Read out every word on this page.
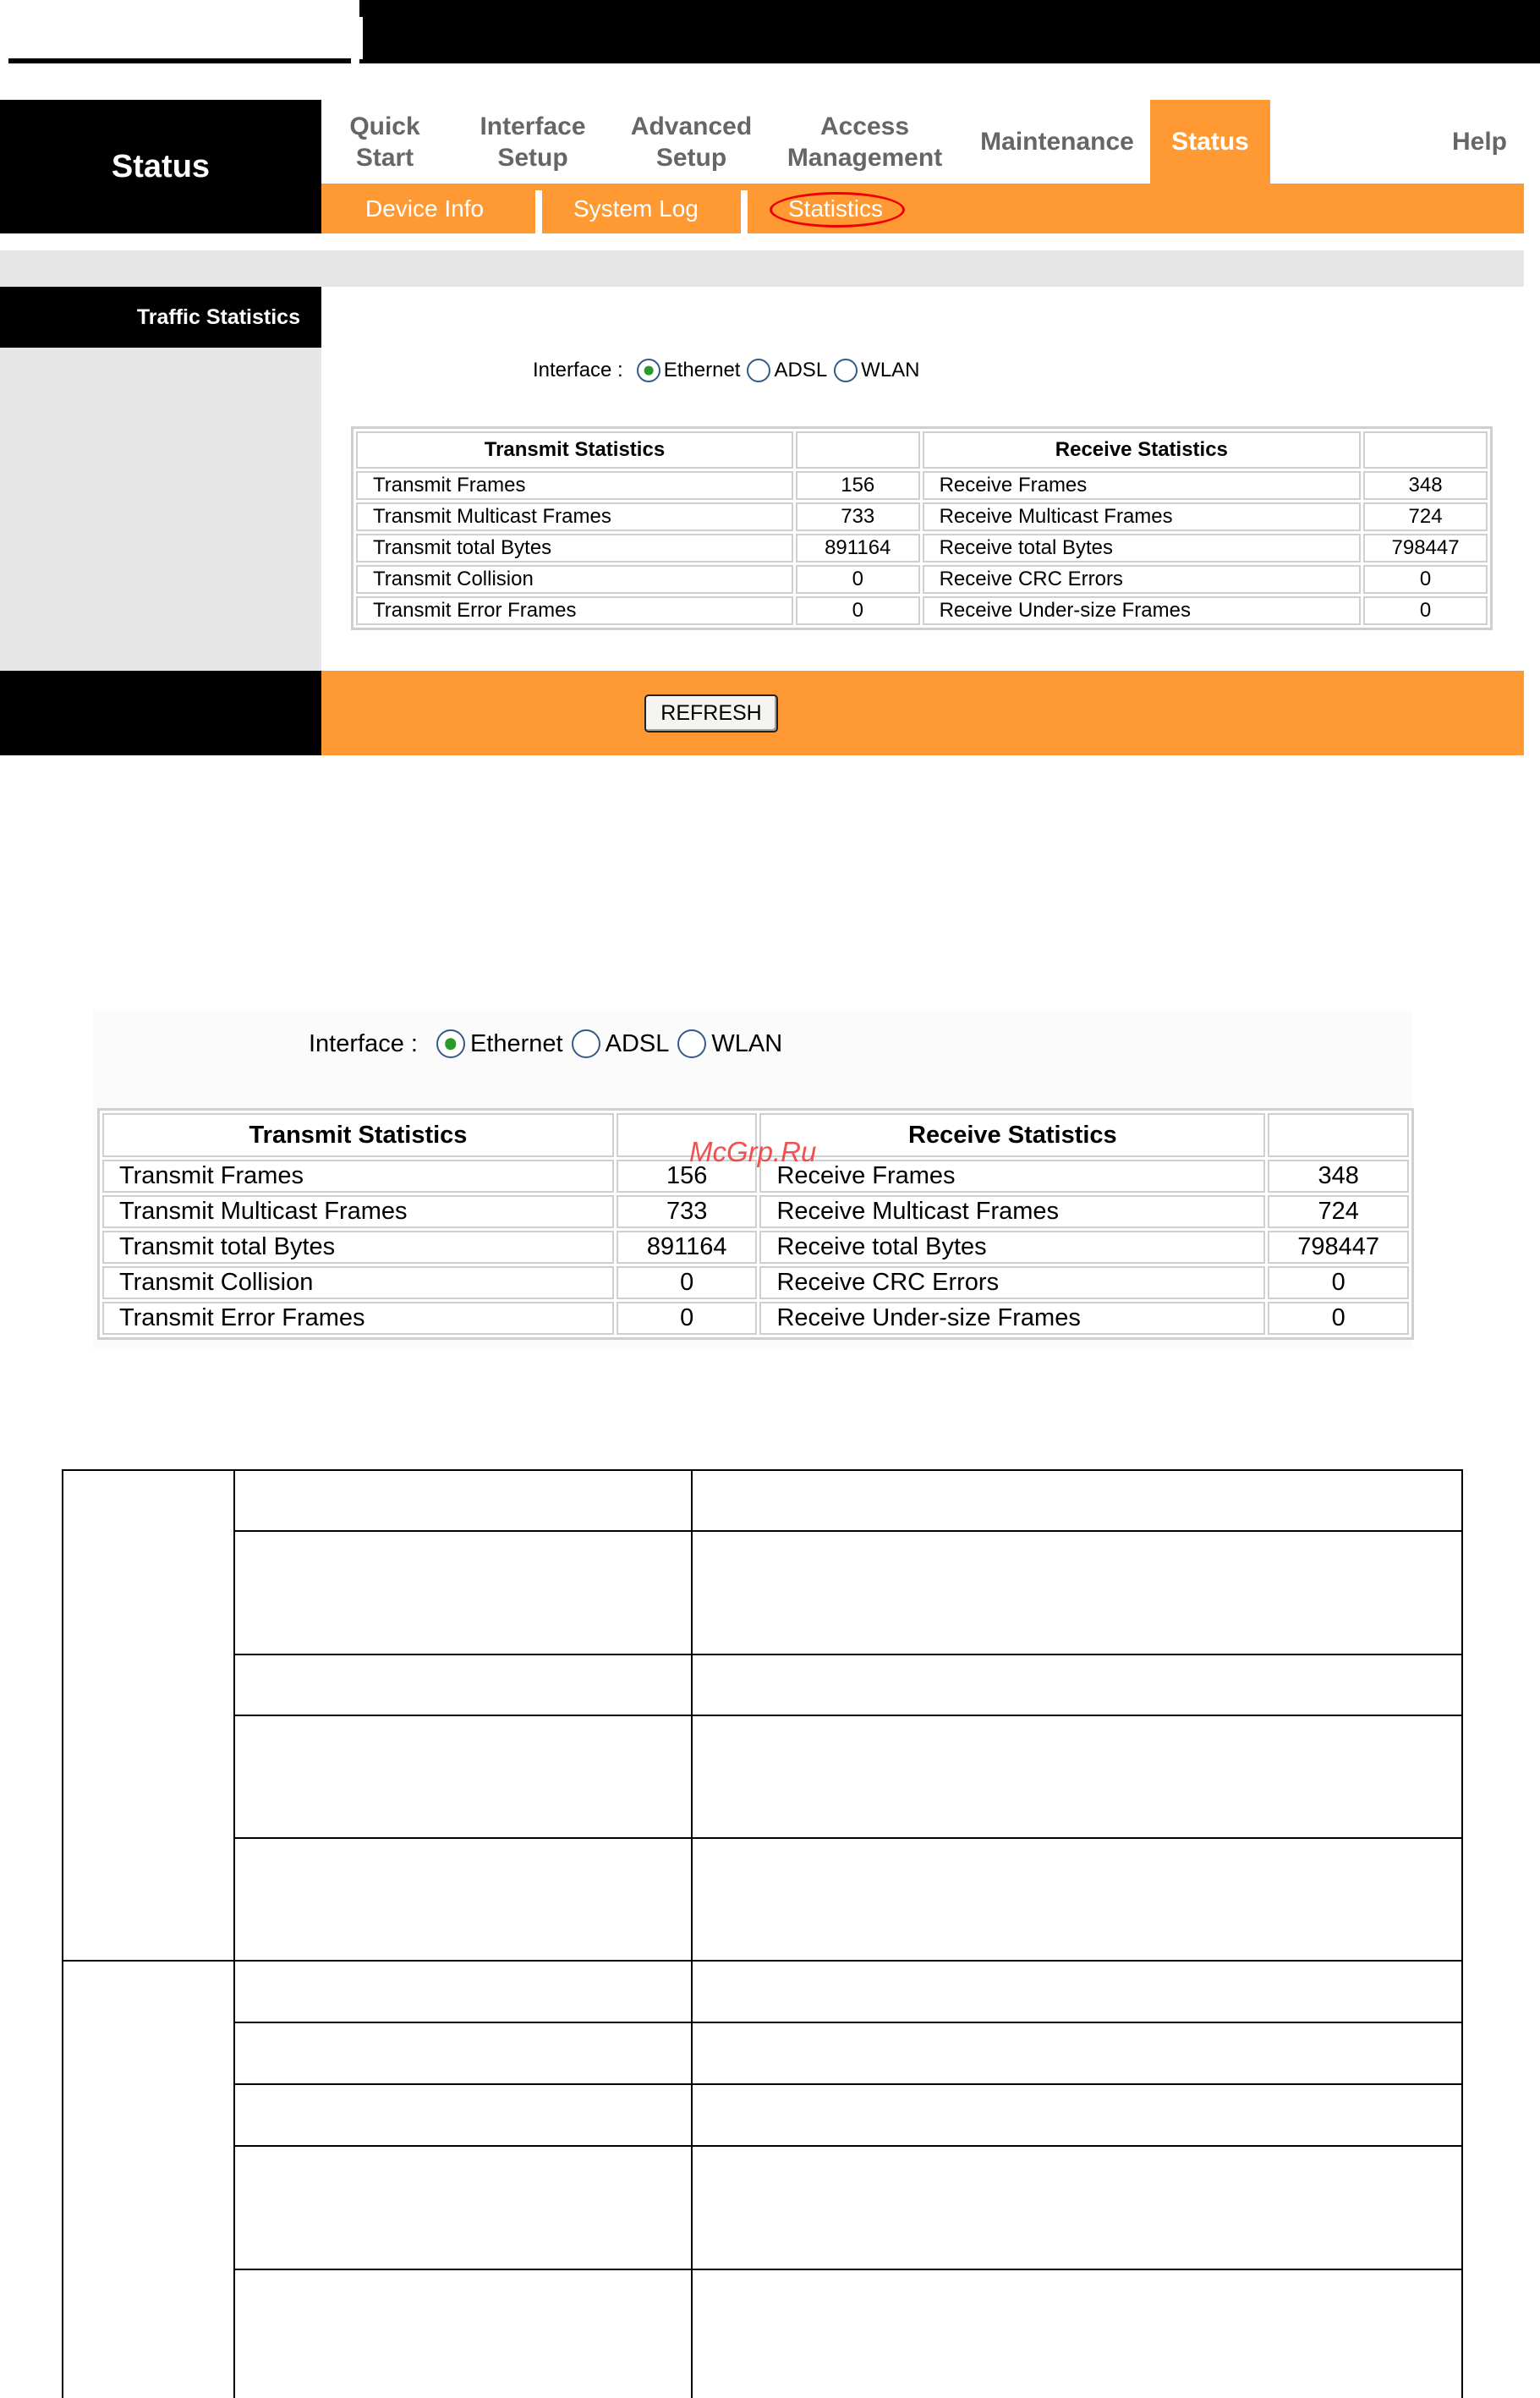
Status
Quick
Start
Interface
Setup
Advanced
Setup
Access
Management
Maintenance	Status	Help
Device Info	System Log	Statistics
Traffic Statistics
Interface : Ethernet ADSL WLAN
Transmit Statistics		Receive Statistics	
Transmit Frames	156	Receive Frames	348
Transmit Multicast Frames	733	Receive Multicast Frames	724
Transmit total Bytes	891164	Receive total Bytes	798447
Transmit Collision	0	Receive CRC Errors	0
Transmit Error Frames	0	Receive Under-size Frames	0
REFRESH
Interface : Ethernet ADSL WLAN
Transmit Statistics		Receive Statistics	
Transmit Frames	156	Receive Frames	348
Transmit Multicast Frames	733	Receive Multicast Frames	724
Transmit total Bytes	891164	Receive total Bytes	798447
Transmit Collision	0	Receive CRC Errors	0
Transmit Error Frames	0	Receive Under-size Frames	0
McGrp.Ru
